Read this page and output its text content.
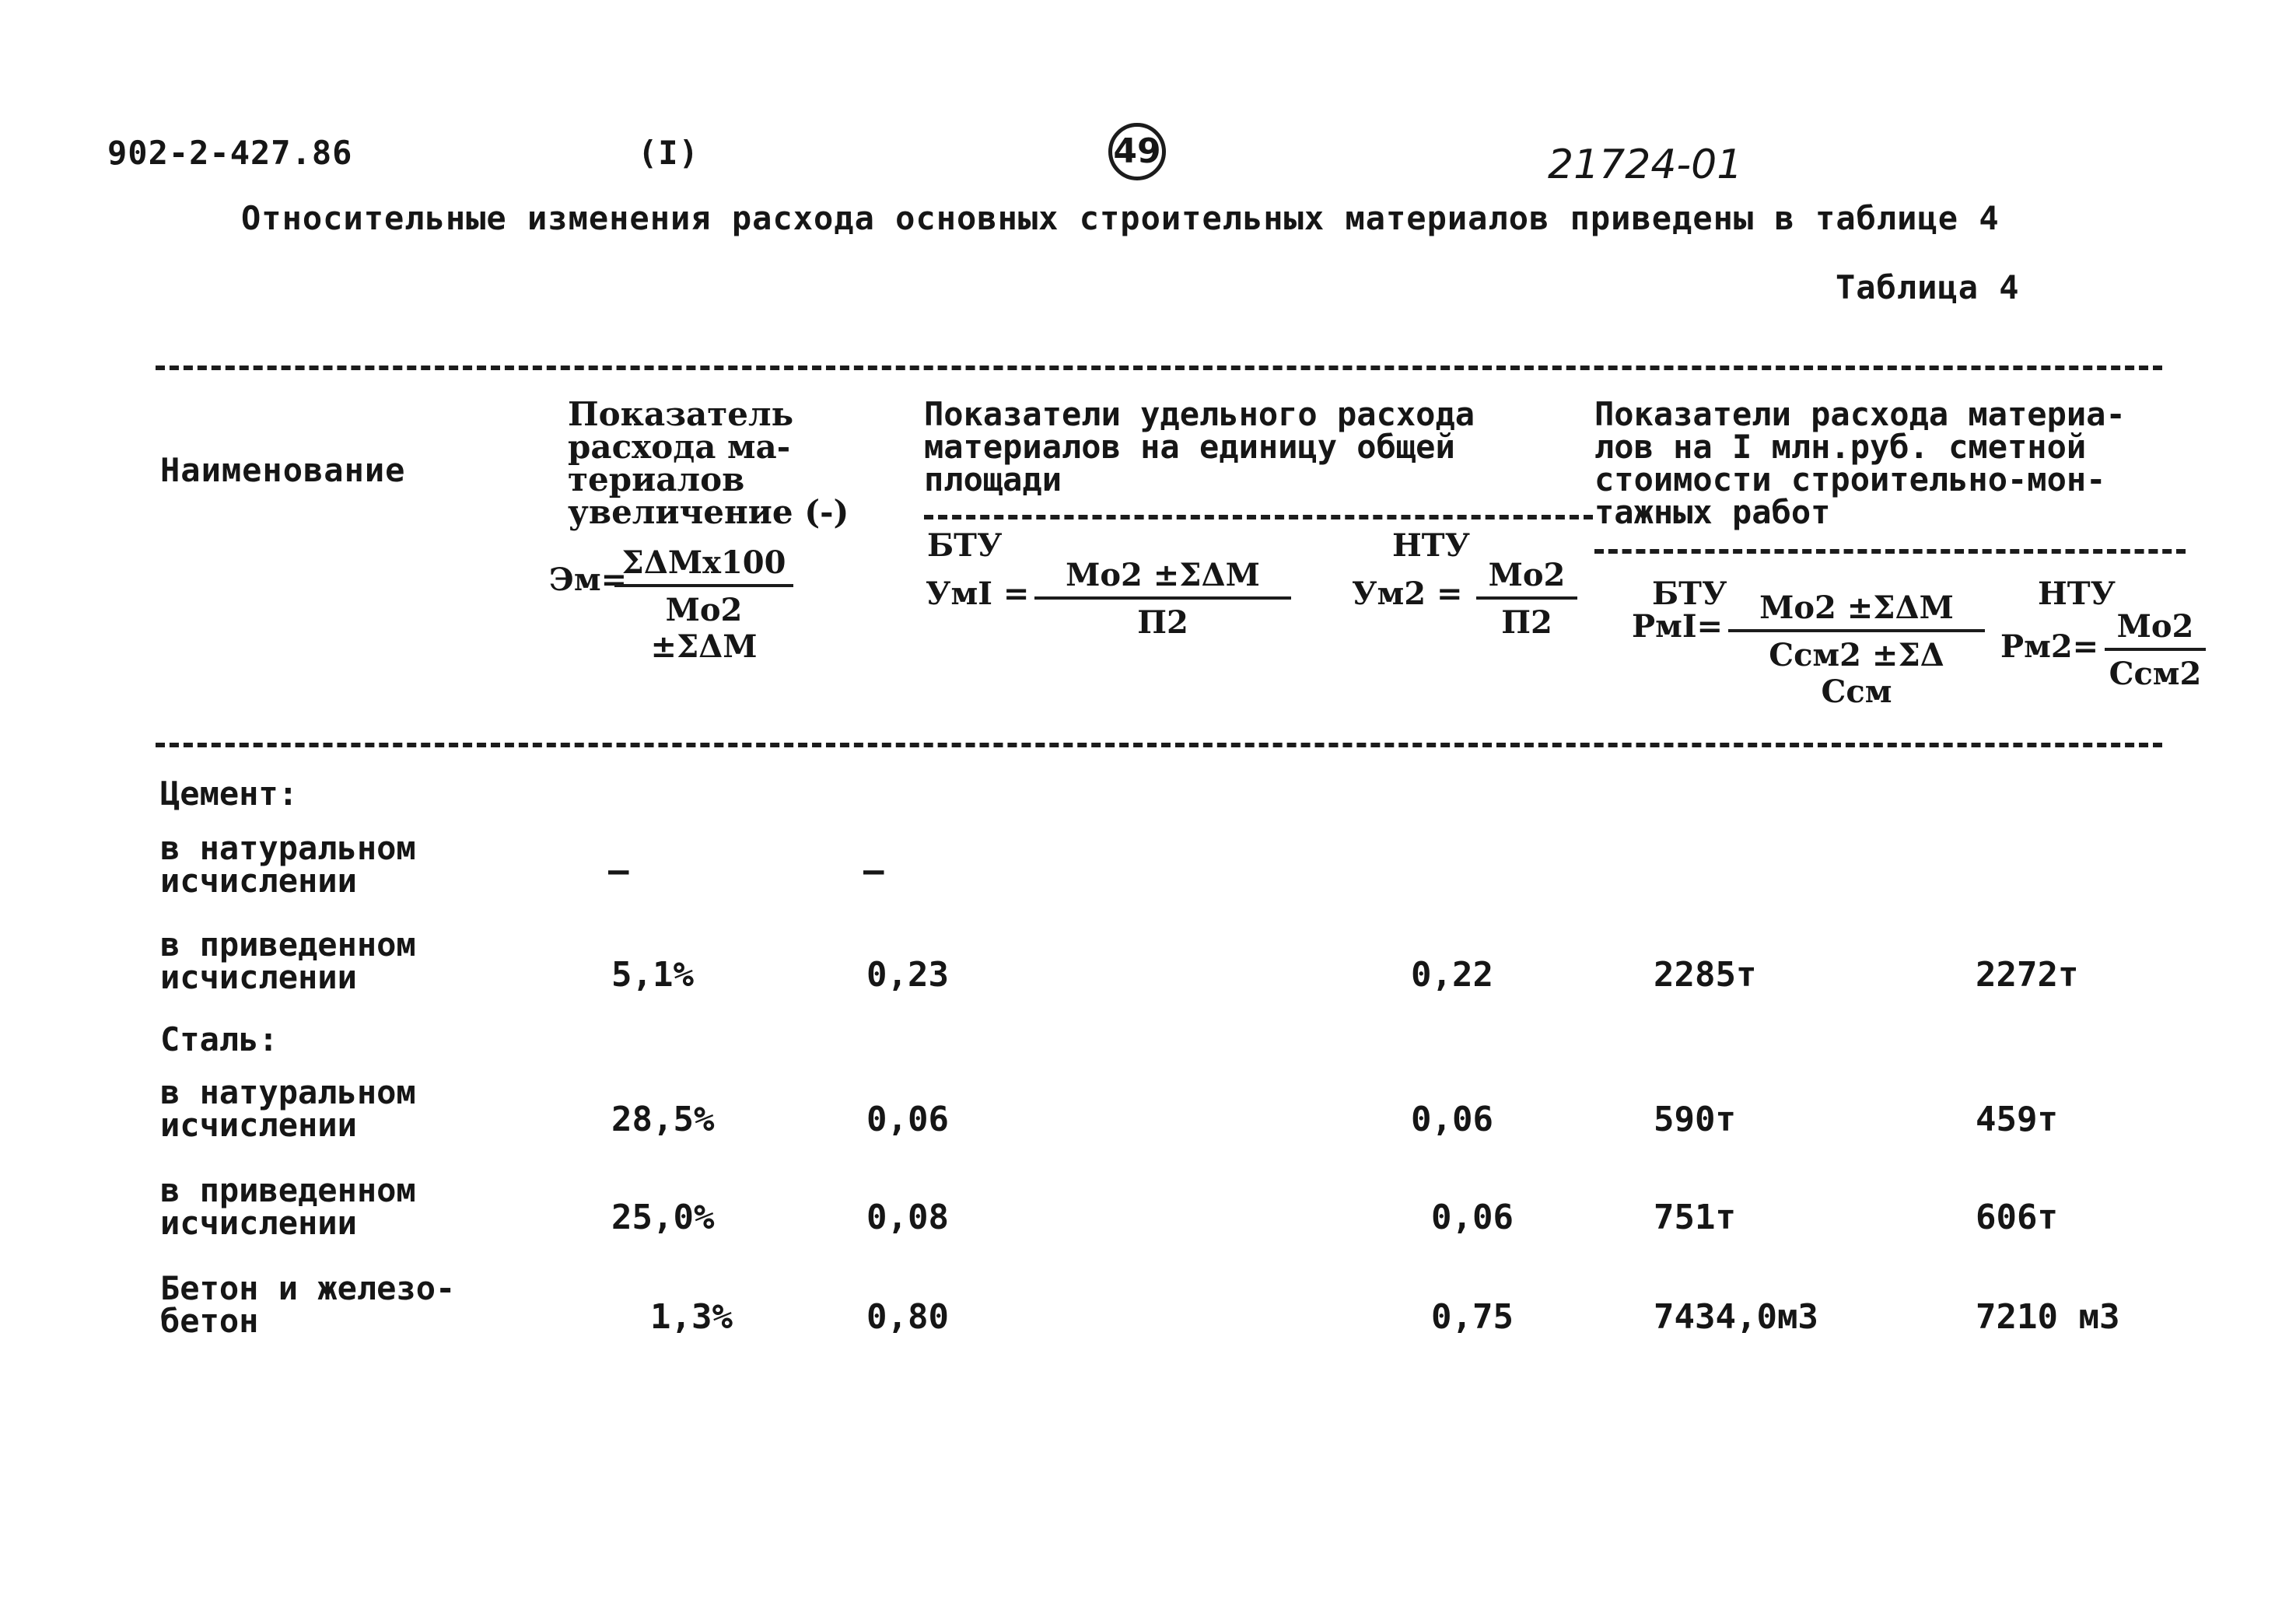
902-2-427.86	(I)	49	21724-01
Относительные изменения расхода основных строительных материалов приведены в таблице 4
Таблица 4
Наименование
Показатель
расхода ма-
териалов
увеличение (-)
Эм=
ΣΔМх100
Мо2 ±ΣΔМ
Показатели удельного расхода
материалов на единицу общей
площади
БТУ
УмI =
Мо2 ±ΣΔМ
П2
НТУ
Ум2 =
Мо2
П2
Показатели расхода материа-
лов на I млн.руб. сметной
стоимости строительно-мон-
тажных работ
БТУ
РмI=
Мо2 ±ΣΔМ
Ссм2 ±ΣΔ Ссм
НТУ
Рм2=
Мо2
Ссм2
Цемент:
в натуральном
исчислении	–	–
в приведенном
исчислении	5,1%	0,23	0,22	2285т	2272т
Сталь:
в натуральном
исчислении	28,5%	0,06	0,06	590т	459т
в приведенном
исчислении	25,0%	0,08	0,06	751т	606т
Бетон и железо-
бетон	1,3%	0,80	0,75	7434,0м3	7210 м3
